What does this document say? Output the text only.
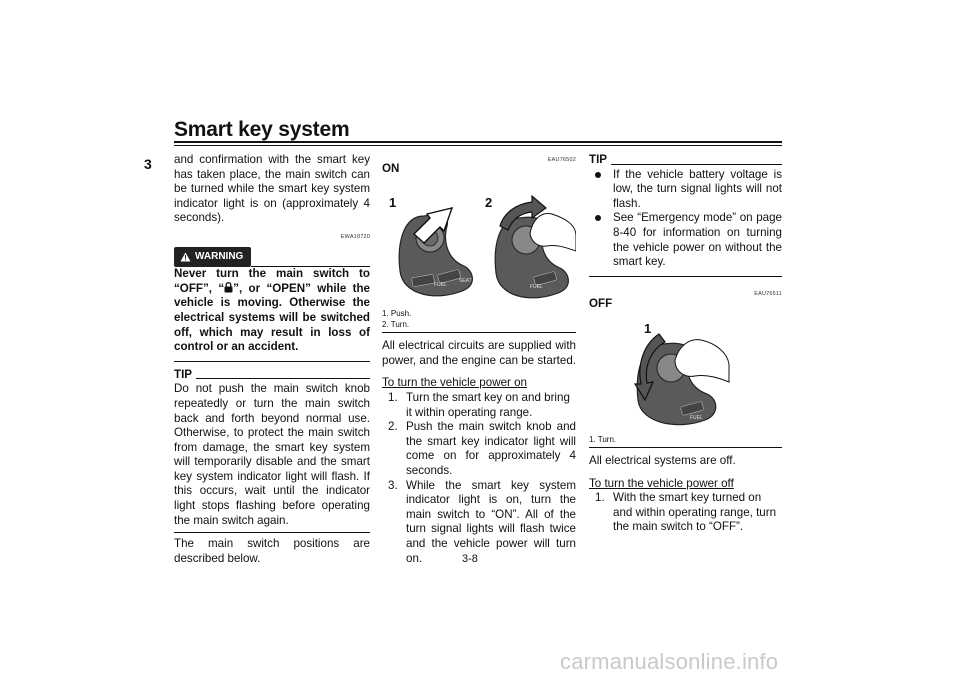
Smart key system
3 and confirmation with the smart key has taken place, the main switch can be turned while the smart key system indicator light is on (approximately 4 seconds).

EWA18720
WARNING

Never turn the main switch to “OFF”, “ ”, or “OPEN” while the vehicle is moving. Otherwise the electrical systems will be switched off, which may result in loss of control or an accident.

TIP

Do not push the main switch knob repeatedly or turn the main switch back and forth beyond normal use. Otherwise, to protect the main switch from damage, the smart key system will temporarily disable and the smart key system indicator light will flash. If this occurs, wait until the indicator light stops flashing before operating the main switch again.

The main switch positions are described below.

EAU76502
ON
1	2
FUEL
SEAT
FUEL
1. Push.
2. Turn.

All electrical circuits are supplied with power, and the engine can be started.

To turn the vehicle power on

1. Turn the smart key on and bring it within operating range.
2. Push the main switch knob and the smart key indicator light will come on for approximately 4 seconds.
3. While the smart key system indicator light is on, turn the main switch to “ON”. All of the turn signal lights will flash twice and the vehicle power will turn on.
TIP
If the vehicle battery voltage is low, the turn signal lights will not flash.
See “Emergency mode” on page 8-40 for information on turning the vehicle power on without the smart key.
EAU76511
OFF
1
FUEL
1. Turn.

All electrical systems are off.

To turn the vehicle power off

1. With the smart key turned on and within operating range, turn the main switch to “OFF”.
3-8
carmanualsonline.info
